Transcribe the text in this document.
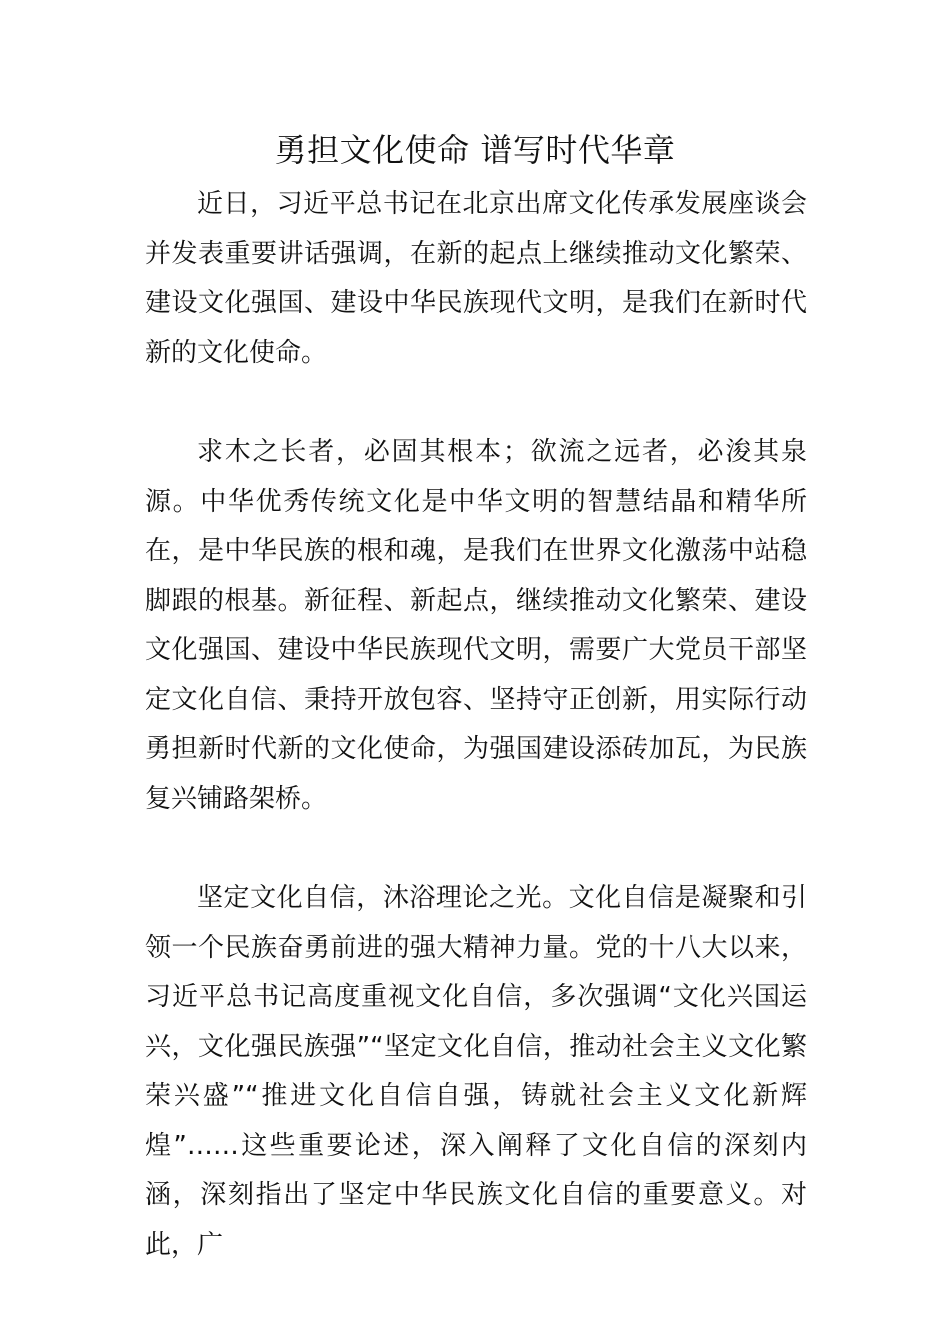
勇担文化使命 谱写时代华章

近日，习近平总书记在北京出席文化传承发展座谈会并发表重要讲话强调，在新的起点上继续推动文化繁荣、建设文化强国、建设中华民族现代文明，是我们在新时代新的文化使命。

求木之长者，必固其根本；欲流之远者，必浚其泉源。中华优秀传统文化是中华文明的智慧结晶和精华所在，是中华民族的根和魂，是我们在世界文化激荡中站稳脚跟的根基。新征程、新起点，继续推动文化繁荣、建设文化强国、建设中华民族现代文明，需要广大党员干部坚定文化自信、秉持开放包容、坚持守正创新，用实际行动勇担新时代新的文化使命，为强国建设添砖加瓦，为民族复兴铺路架桥。

坚定文化自信，沐浴理论之光。文化自信是凝聚和引领一个民族奋勇前进的强大精神力量。党的十八大以来，习近平总书记高度重视文化自信，多次强调“文化兴国运兴，文化强民族强”“坚定文化自信，推动社会主义文化繁荣兴盛”“推进文化自信自强，铸就社会主义文化新辉煌”……这些重要论述，深入阐释了文化自信的深刻内涵，深刻指出了坚定中华民族文化自信的重要意义。对此，广
